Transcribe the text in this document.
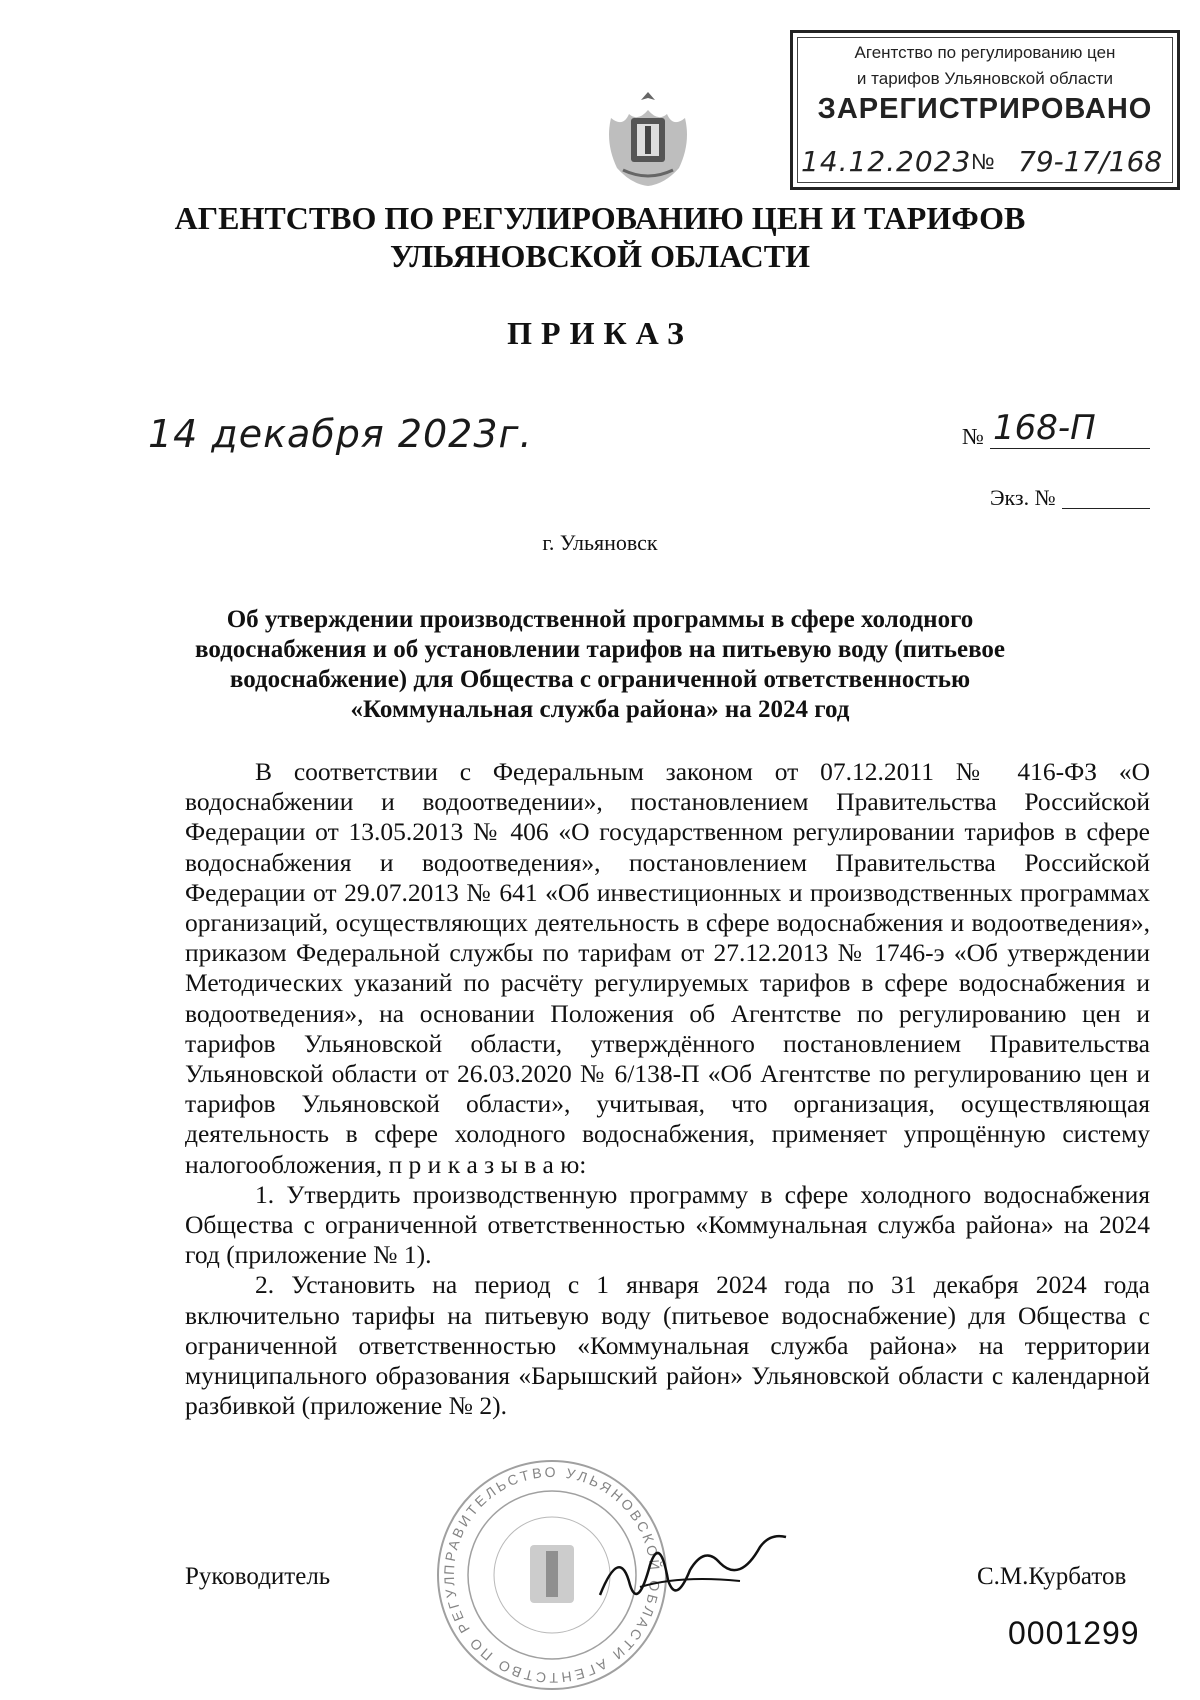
Агентство по регулированию цен
и тарифов Ульяновской области
ЗАРЕГИСТРИРОВАНО
14.12.2023 № 79-17/168
АГЕНТСТВО ПО РЕГУЛИРОВАНИЮ ЦЕН И ТАРИФОВ
УЛЬЯНОВСКОЙ ОБЛАСТИ
ПРИКАЗ
14 декабря 2023г.	№ 168-П
Экз. №
г. Ульяновск
Об утверждении производственной программы в сфере холодного водоснабжения и об установлении тарифов на питьевую воду (питьевое водоснабжение) для Общества с ограниченной ответственностью «Коммунальная служба района» на 2024 год

В соответствии с Федеральным законом от 07.12.2011 № 416-ФЗ «О водоснабжении и водоотведении», постановлением Правительства Российской Федерации от 13.05.2013 № 406 «О государственном регулировании тарифов в сфере водоснабжения и водоотведения», постановлением Правительства Российской Федерации от 29.07.2013 № 641 «Об инвестиционных и производственных программах организаций, осуществляющих деятельность в сфере водоснабжения и водоотведения», приказом Федеральной службы по тарифам от 27.12.2013 № 1746-э «Об утверждении Методических указаний по расчёту регулируемых тарифов в сфере водоснабжения и водоотведения», на основании Положения об Агентстве по регулированию цен и тарифов Ульяновской области, утверждённого постановлением Правительства Ульяновской области от 26.03.2020 № 6/138-П «Об Агентстве по регулированию цен и тарифов Ульяновской области», учитывая, что организация, осуществляющая деятельность в сфере холодного водоснабжения, применяет упрощённую систему налогообложения, п р и к а з ы в а ю:

1. Утвердить производственную программу в сфере холодного водоснабжения Общества с ограниченной ответственностью «Коммунальная служба района» на 2024 год (приложение № 1).

2. Установить на период с 1 января 2024 года по 31 декабря 2024 года включительно тарифы на питьевую воду (питьевое водоснабжение) для Общества с ограниченной ответственностью «Коммунальная служба района» на территории муниципального образования «Барышский район» Ульяновской области с календарной разбивкой (приложение № 2).

ПРАВИТЕЛЬСТВО УЛЬЯНОВСКОЙ ОБЛАСТИ АГЕНТСТВО ПО РЕГУЛ
Руководитель	С.М.Курбатов
0001299
